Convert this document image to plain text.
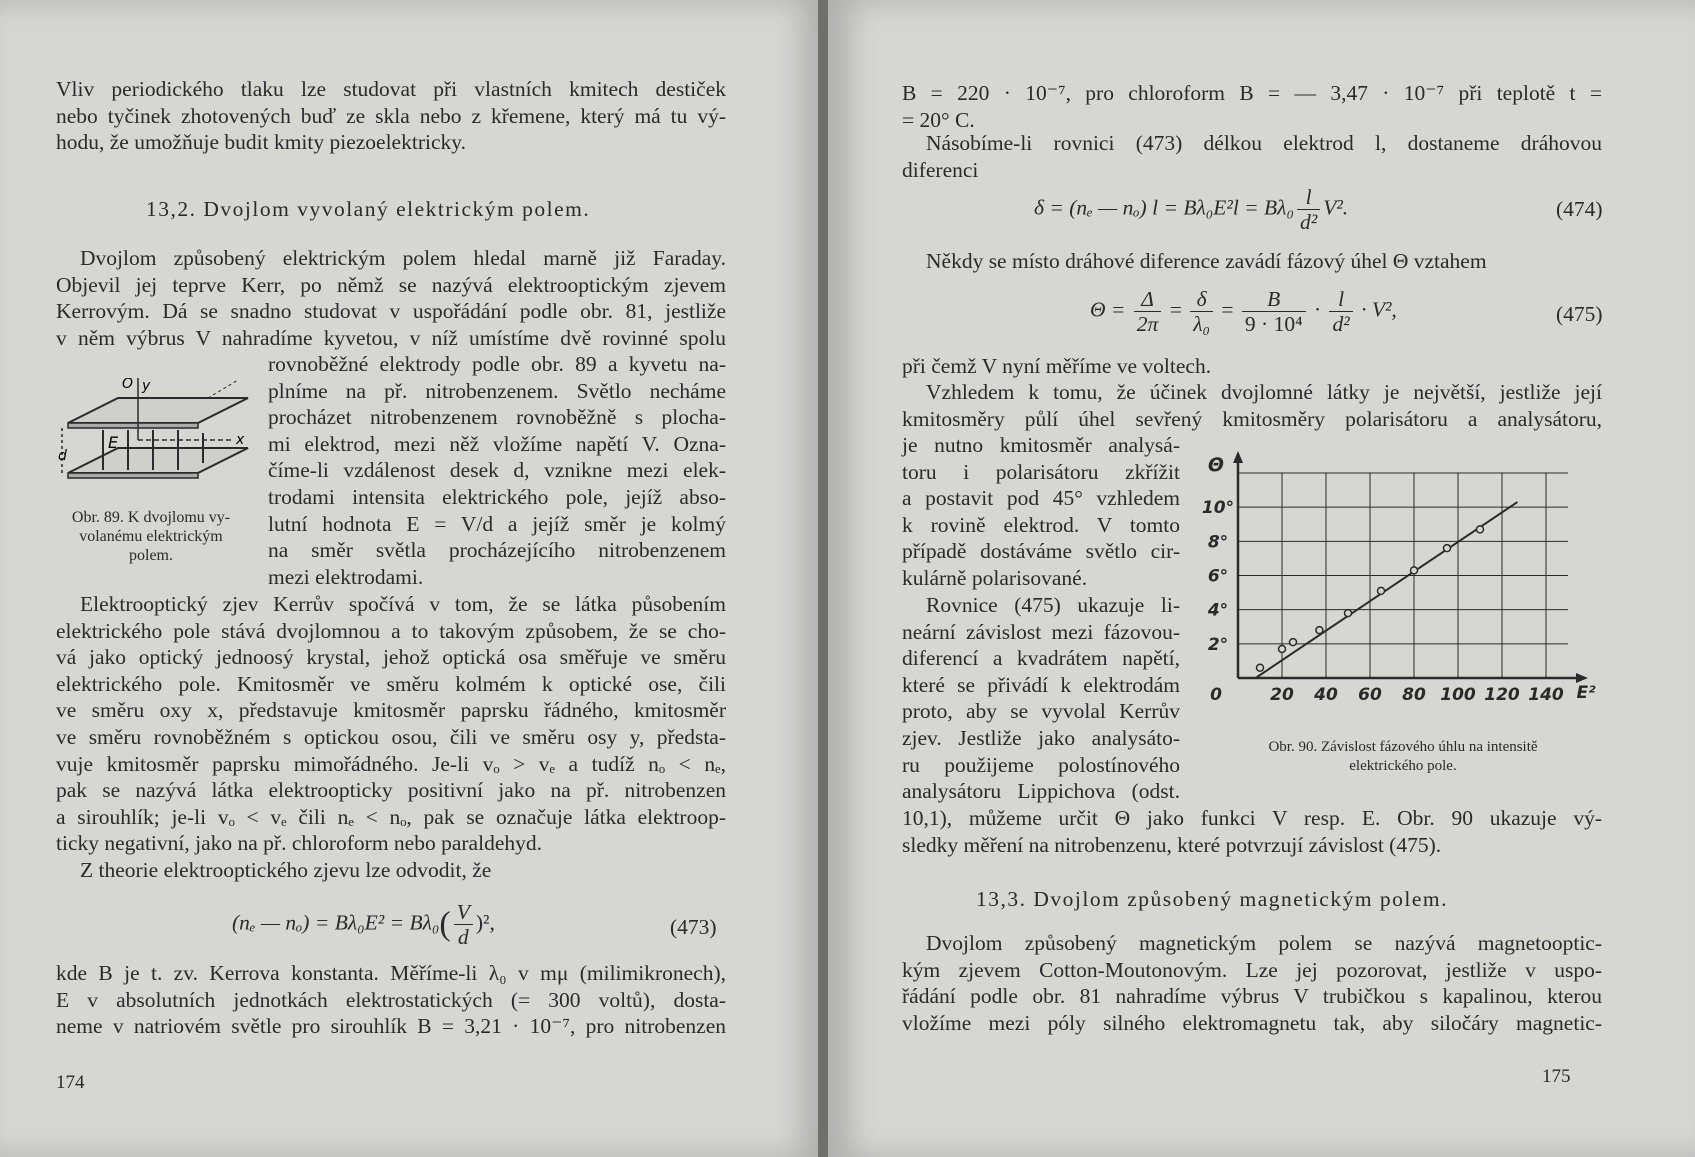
Vliv periodického tlaku lze studovat při vlastních kmitech destiček
nebo tyčinek zhotovených buď ze skla nebo z křemene, který má tu vý-
hodu, že umožňuje budit kmity piezoelektricky.
13,2. Dvojlom vyvolaný elektrickým polem.
Dvojlom způsobený elektrickým polem hledal marně již Faraday.
Objevil jej teprve Kerr, po němž se nazývá elektrooptickým zjevem
Kerrovým. Dá se snadno studovat v uspořádání podle obr. 81, jestliže
v něm výbrus V nahradíme kyvetou, v níž umístíme dvě rovinné spolu
rovnoběžné elektrody podle obr. 89 a kyvetu na-
plníme na př. nitrobenzenem. Světlo necháme
procházet nitrobenzenem rovnoběžně s plocha-
mi elektrod, mezi něž vložíme napětí V. Ozna-
číme-li vzdálenost desek d, vznikne mezi elek-
trodami intensita elektrického pole, jejíž abso-
lutní hodnota E = V/d a jejíž směr je kolmý
na směr světla procházejícího nitrobenzenem
mezi elektrodami.
O y
x
E
d
Obr. 89. K dvojlomu vy-
volanému elektrickým
polem.
Elektrooptický zjev Kerrův spočívá v tom, že se látka působením
elektrického pole stává dvojlomnou a to takovým způsobem, že se cho-
vá jako optický jednoosý krystal, jehož optická osa směřuje ve směru
elektrického pole. Kmitosměr ve směru kolmém k optické ose, čili
ve směru oxy x, představuje kmitosměr paprsku řádného, kmitosměr
ve směru rovnoběžném s optickou osou, čili ve směru osy y, předsta-
vuje kmitosměr paprsku mimořádného. Je-li vₒ > vₑ a tudíž nₒ < nₑ,
pak se nazývá látka elektroopticky positivní jako na př. nitrobenzen
a sirouhlík; je-li vₒ < vₑ čili nₑ < nₒ, pak se označuje látka elektroop-
ticky negativní, jako na př. chloroform nebo paraldehyd.
Z theorie elektrooptického zjevu lze odvodit, že
(nₑ — $n_o) = B\lambda_0E^2 = B\lambda_0( \frac{V}{d} )^2$,	(473)
kde B je t. zv. Kerrova konstanta. Měříme-li λ₀ v mμ (milimikronech),
E v absolutních jednotkách elektrostatických (= 300 voltů), dosta-
neme v natriovém světle pro sirouhlík B = 3,21 · 10⁻⁷, pro nitrobenzen
174
B = 220 · 10⁻⁷, pro chloroform B = — 3,47 · 10⁻⁷ při teplotě t =
= 20° C.
Násobíme-li rovnici (473) délkou elektrod l, dostaneme dráhovou
diferenci
δ = (nₑ — nₒ) $l = B\lambda_0E^2l = B\lambda_0 \frac{l}{\text{d²}} V^2$.	(474)
Někdy se místo dráhové diference zavádí fázový úhel Θ vztahem
$\Theta = \frac{\Delta}{2\pi} = \frac{\delta}{\text{λ₀}} = \frac{B}{\text{9 · 10⁴}} \cdot \frac{l}{\text{d²}} \cdot V^2$,	(475)
při čemž V nyní měříme ve voltech.
Vzhledem k tomu, že účinek dvojlomné látky je největší, jestliže její
kmitosměry půlí úhel sevřený kmitosměry polarisátoru a analysátoru,
je nutno kmitosměr analysá-
toru i polarisátoru zkřížit
a postavit pod 45° vzhledem
k rovině elektrod. V tomto
případě dostáváme světlo cir-
kulárně polarisované.
Rovnice (475) ukazuje li-
neární závislost mezi fázovou-
diferencí a kvadrátem napětí,
které se přivádí k elektrodám
proto, aby se vyvolal Kerrův
zjev. Jestliže jako analysáto-
ru použijeme polostínového
analysátoru Lippichova (odst.
10,1), můžeme určit Θ jako funkci V resp. E. Obr. 90 ukazuje vý-
sledky měření na nitrobenzenu, které potvrzují závislost (475).
20 40 60 80 100 120 140
2°
4°
6°
8°
10°
0
Θ
E²
Obr. 90. Závislost fázového úhlu na intensitě
elektrického pole.
13,3. Dvojlom způsobený magnetickým polem.
Dvojlom způsobený magnetickým polem se nazývá magnetooptic-
kým zjevem Cotton-Moutonovým. Lze jej pozorovat, jestliže v uspo-
řádání podle obr. 81 nahradíme výbrus V trubičkou s kapalinou, kterou
vložíme mezi póly silného elektromagnetu tak, aby siločáry magnetic-
175
